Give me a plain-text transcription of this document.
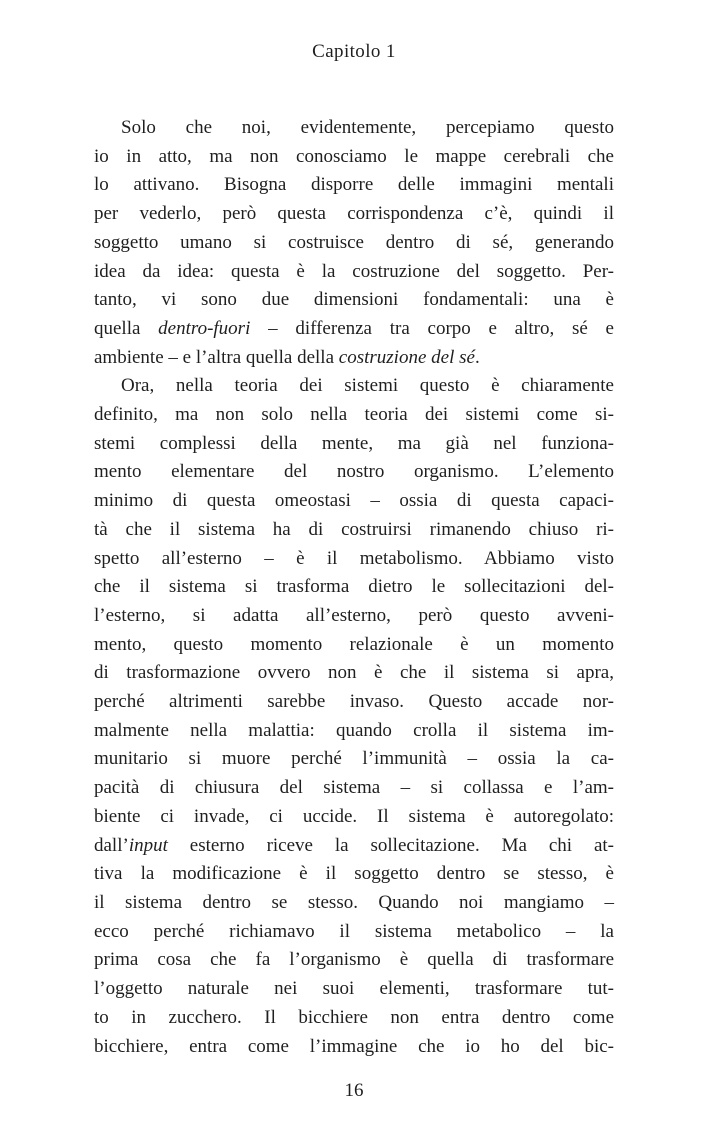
Capitolo 1
Solo che noi, evidentemente, percepiamo questo
io in atto, ma non conosciamo le mappe cerebrali che
lo attivano. Bisogna disporre delle immagini mentali
per vederlo, però questa corrispondenza c’è, quindi il
soggetto umano si costruisce dentro di sé, generando
idea da idea: questa è la costruzione del soggetto. Per-
tanto, vi sono due dimensioni fondamentali: una è
quella dentro-fuori – differenza tra corpo e altro, sé e
ambiente – e l’altra quella della costruzione del sé.
Ora, nella teoria dei sistemi questo è chiaramente
definito, ma non solo nella teoria dei sistemi come si-
stemi complessi della mente, ma già nel funziona-
mento elementare del nostro organismo. L’elemento
minimo di questa omeostasi – ossia di questa capaci-
tà che il sistema ha di costruirsi rimanendo chiuso ri-
spetto all’esterno – è il metabolismo. Abbiamo visto
che il sistema si trasforma dietro le sollecitazioni del-
l’esterno, si adatta all’esterno, però questo avveni-
mento, questo momento relazionale è un momento
di trasformazione ovvero non è che il sistema si apra,
perché altrimenti sarebbe invaso. Questo accade nor-
malmente nella malattia: quando crolla il sistema im-
munitario si muore perché l’immunità – ossia la ca-
pacità di chiusura del sistema – si collassa e l’am-
biente ci invade, ci uccide. Il sistema è autoregolato:
dall’input esterno riceve la sollecitazione. Ma chi at-
tiva la modificazione è il soggetto dentro se stesso, è
il sistema dentro se stesso. Quando noi mangiamo –
ecco perché richiamavo il sistema metabolico – la
prima cosa che fa l’organismo è quella di trasformare
l’oggetto naturale nei suoi elementi, trasformare tut-
to in zucchero. Il bicchiere non entra dentro come
bicchiere, entra come l’immagine che io ho del bic-
16
